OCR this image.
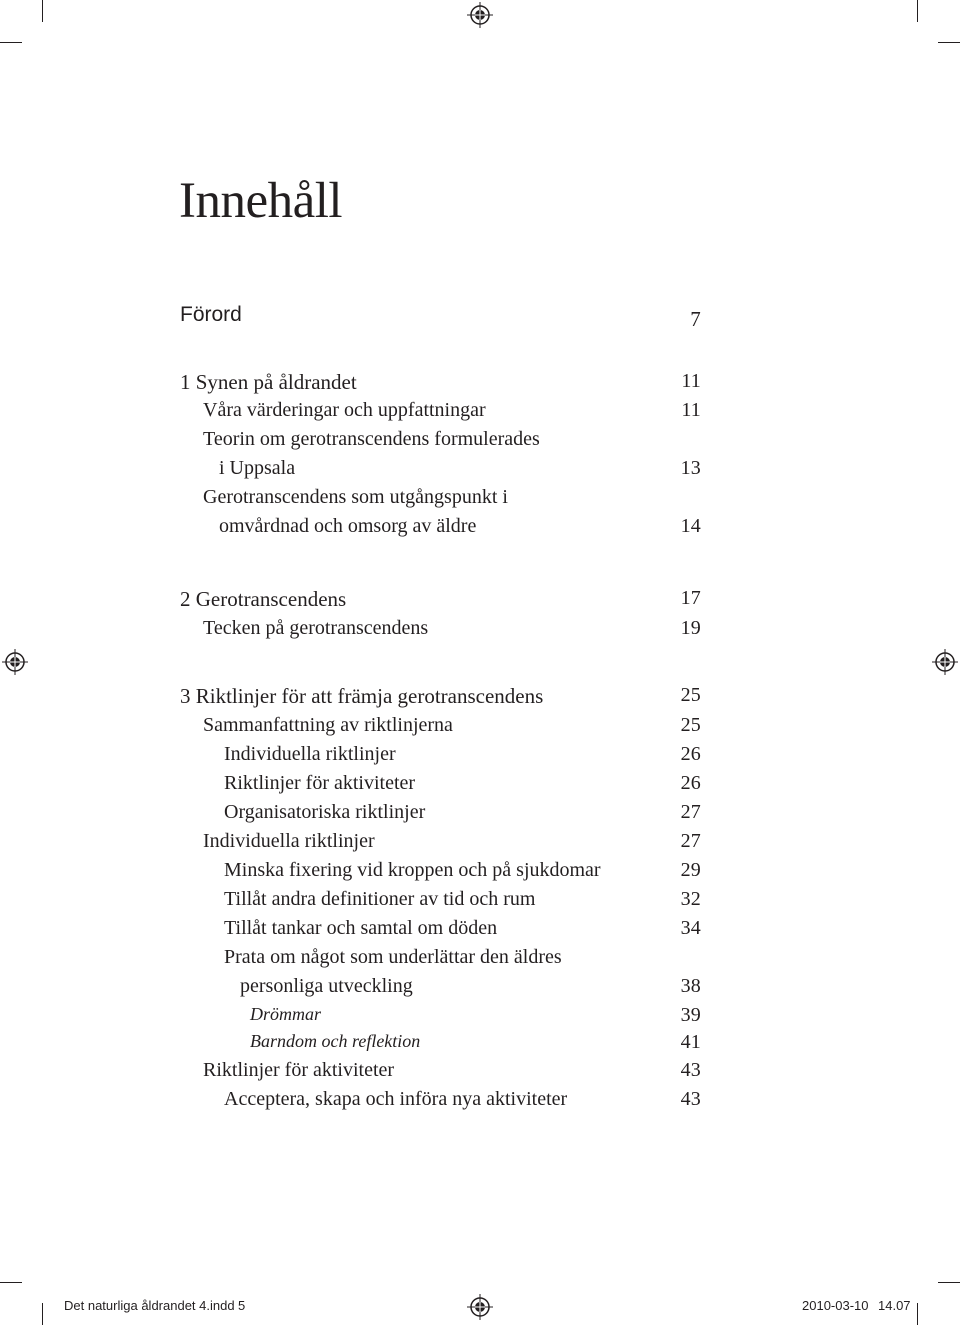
Innehåll
Förord	7
1 Synen på åldrandet	11
Våra värderingar och uppfattningar	11
Teorin om gerotranscendens formulerades
i Uppsala	13
Gerotranscendens som utgångspunkt i
omvårdnad och omsorg av äldre	14
2 Gerotranscendens	17
Tecken på gerotranscendens	19
3 Riktlinjer för att främja gerotranscendens	25
Sammanfattning av riktlinjerna	25
Individuella riktlinjer	26
Riktlinjer för aktiviteter	26
Organisatoriska riktlinjer	27
Individuella riktlinjer	27
Minska fixering vid kroppen och på sjukdomar	29
Tillåt andra definitioner av tid och rum	32
Tillåt tankar och samtal om döden	34
Prata om något som underlättar den äldres
personliga utveckling	38
Drömmar	39
Barndom och reflektion	41
Riktlinjer för aktiviteter	43
Acceptera, skapa och införa nya aktiviteter	43
Det naturliga åldrandet 4.indd 5	2010-03-10 14.07
